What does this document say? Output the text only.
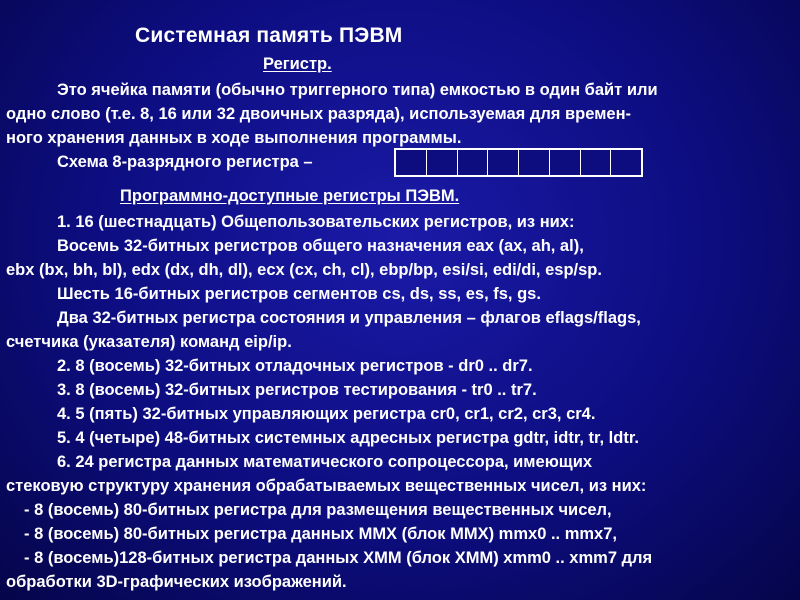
Системная память ПЭВМ
Регистр.
Это ячейка памяти (обычно триггерного типа) емкостью в один байт или
одно слово (т.е. 8, 16 или 32 двоичных разряда), используемая для времен-
ного хранения данных в ходе выполнения программы.
Схема 8-разрядного регистра –
Программно-доступные регистры ПЭВМ.
1. 16 (шестнадцать) Общепользовательских регистров, из них:
Восемь 32-битных регистров общего назначения eax (ax, ah, al),
ebx (bx, bh, bl), edx (dx, dh, dl), ecx (cx, ch, cl), ebp/bp, esi/si, edi/di, esp/sp.
Шесть 16-битных регистров сегментов cs, ds, ss, es, fs, gs.
Два 32-битных регистра состояния и управления – флагов eflags/flags,
счетчика (указателя) команд eip/ip.
2. 8 (восемь) 32-битных отладочных регистров - dr0 .. dr7.
3. 8 (восемь) 32-битных регистров тестирования - tr0 .. tr7.
4. 5 (пять) 32-битных управляющих регистра cr0, cr1, cr2, cr3, cr4.
5. 4 (четыре) 48-битных системных адресных регистра gdtr, idtr, tr, ldtr.
6. 24 регистра данных математического сопроцессора, имеющих
стековую структуру хранения обрабатываемых вещественных чисел, из них:
- 8 (восемь) 80-битных регистра для размещения вещественных чисел,
- 8 (восемь) 80-битных регистра данных MMX (блок MMX) mmx0 .. mmx7,
- 8 (восемь)128-битных регистра данных XMM (блок XMM) xmm0 .. xmm7 для
обработки 3D-графических изображений.
